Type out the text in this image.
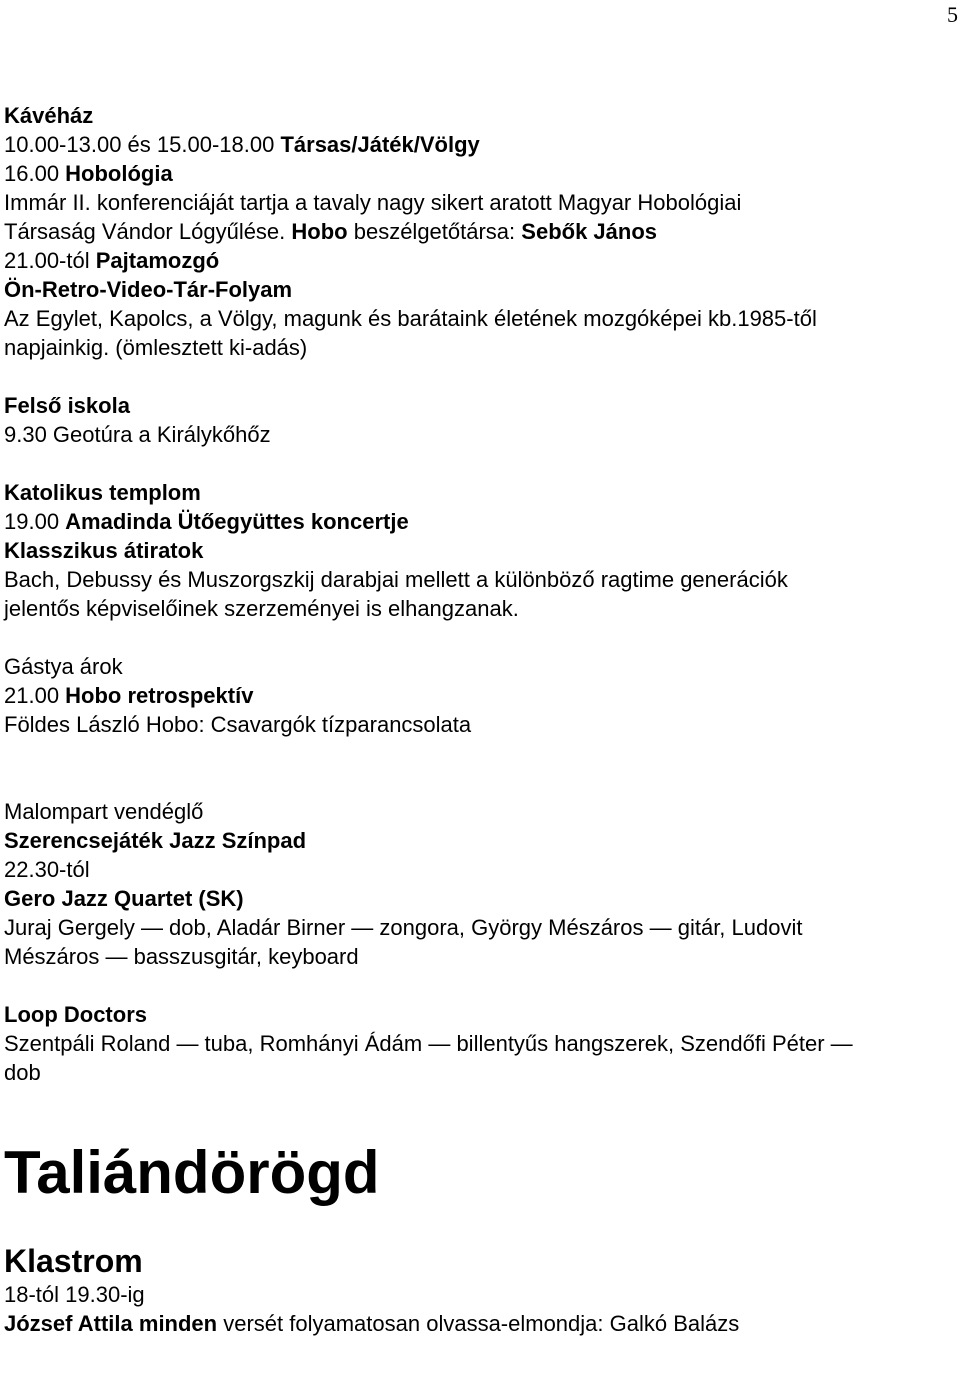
5
Kávéház
10.00-13.00 és 15.00-18.00 Társas/Játék/Völgy
16.00 Hobológia
Immár II. konferenciáját tartja a tavaly nagy sikert aratott Magyar Hobológiai
Társaság Vándor Lógyűlése. Hobo beszélgetőtársa: Sebők János
21.00-tól Pajtamozgó
Ön-Retro-Video-Tár-Folyam
Az Egylet, Kapolcs, a Völgy, magunk és barátaink életének mozgóképei kb.1985-től
napjainkig. (ömlesztett ki-adás)
Felső iskola
9.30 Geotúra a Királykőhőz
Katolikus templom
19.00 Amadinda Ütőegyüttes koncertje
Klasszikus átiratok
Bach, Debussy és Muszorgszkij darabjai mellett a különböző ragtime generációk
jelentős képviselőinek szerzeményei is elhangzanak.
Gástya árok
21.00 Hobo retrospektív
Földes László Hobo: Csavargók tízparancsolata
Malompart vendéglő
Szerencsejáték Jazz Színpad
22.30-tól
Gero Jazz Quartet (SK)
Juraj Gergely — dob, Aladár Birner — zongora, György Mészáros — gitár, Ludovit
Mészáros — basszusgitár, keyboard
Loop Doctors
Szentpáli Roland — tuba, Romhányi Ádám — billentyűs hangszerek, Szendőfi Péter —
dob
Taliándörögd
Klastrom
18-tól 19.30-ig
József Attila minden versét folyamatosan olvassa-elmondja: Galkó Balázs
